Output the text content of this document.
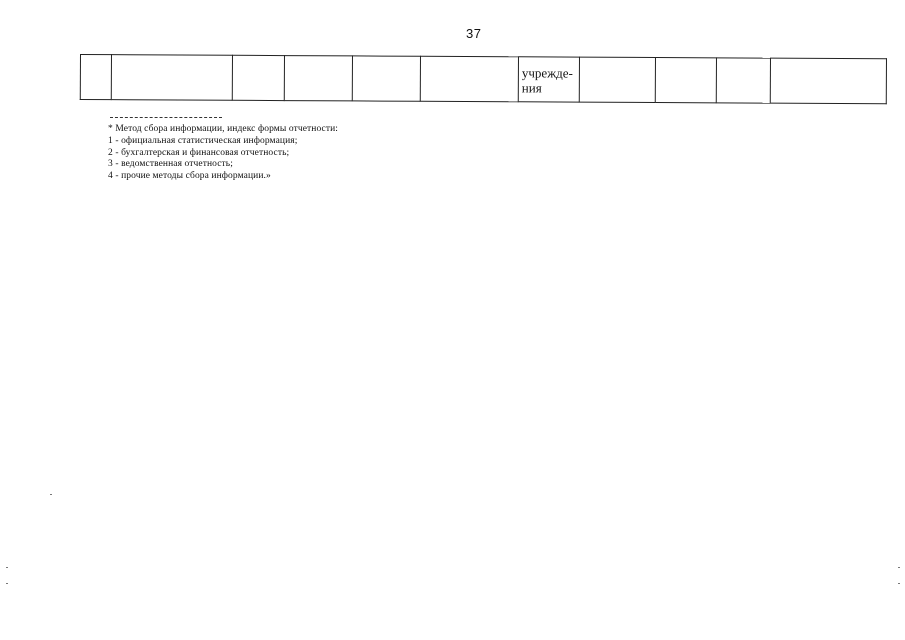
37

учрежде-
ния

* Метод сбора информации, индекс формы отчетности:
1 - официальная статистическая информация;
2 - бухгалтерская и финансовая отчетность;
3 - ведомственная отчетность;
4 - прочие методы сбора информации.»
